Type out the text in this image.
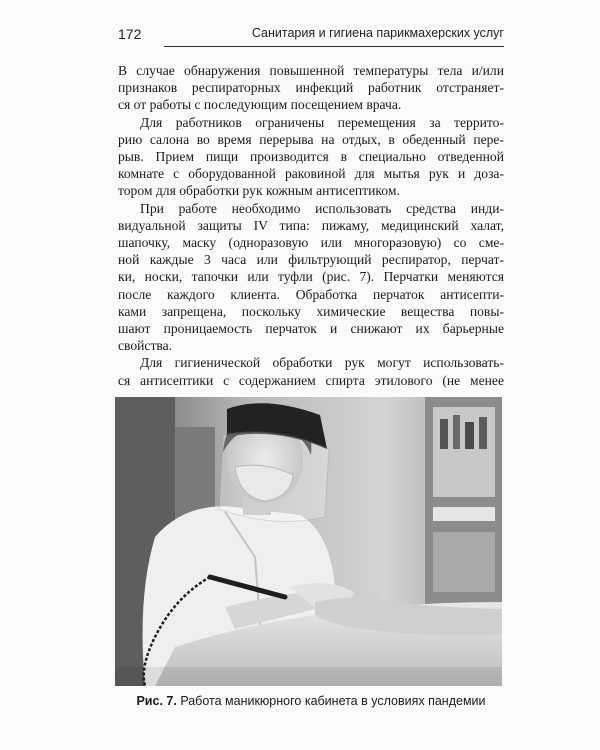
172	Санитария и гигиена парикмахерских услуг

В случае обнаружения повышенной температуры тела и/или
признаков респираторных инфекций работник отстраняет-
ся от работы с последующим посещением врача.

Для работников ограничены перемещения за террито-
рию салона во время перерыва на отдых, в обеденный пере-
рыв. Прием пищи производится в специально отведенной
комнате с оборудованной раковиной для мытья рук и доза-
тором для обработки рук кожным антисептиком.

При работе необходимо использовать средства инди-
видуальной защиты IV типа: пижаму, медицинский халат,
шапочку, маску (одноразовую или многоразовую) со сме-
ной каждые 3 часа или фильтрующий респиратор, перчат-
ки, носки, тапочки или туфли (рис. 7). Перчатки меняются
после каждого клиента. Обработка перчаток антисепти-
ками запрещена, поскольку химические вещества повы-
шают проницаемость перчаток и снижают их барьерные
свойства.

Для гигиенической обработки рук могут использовать-
ся антисептики с содержанием спирта этилового (не менее

Рис. 7. Работа маникюрного кабинета в условиях пандемии
